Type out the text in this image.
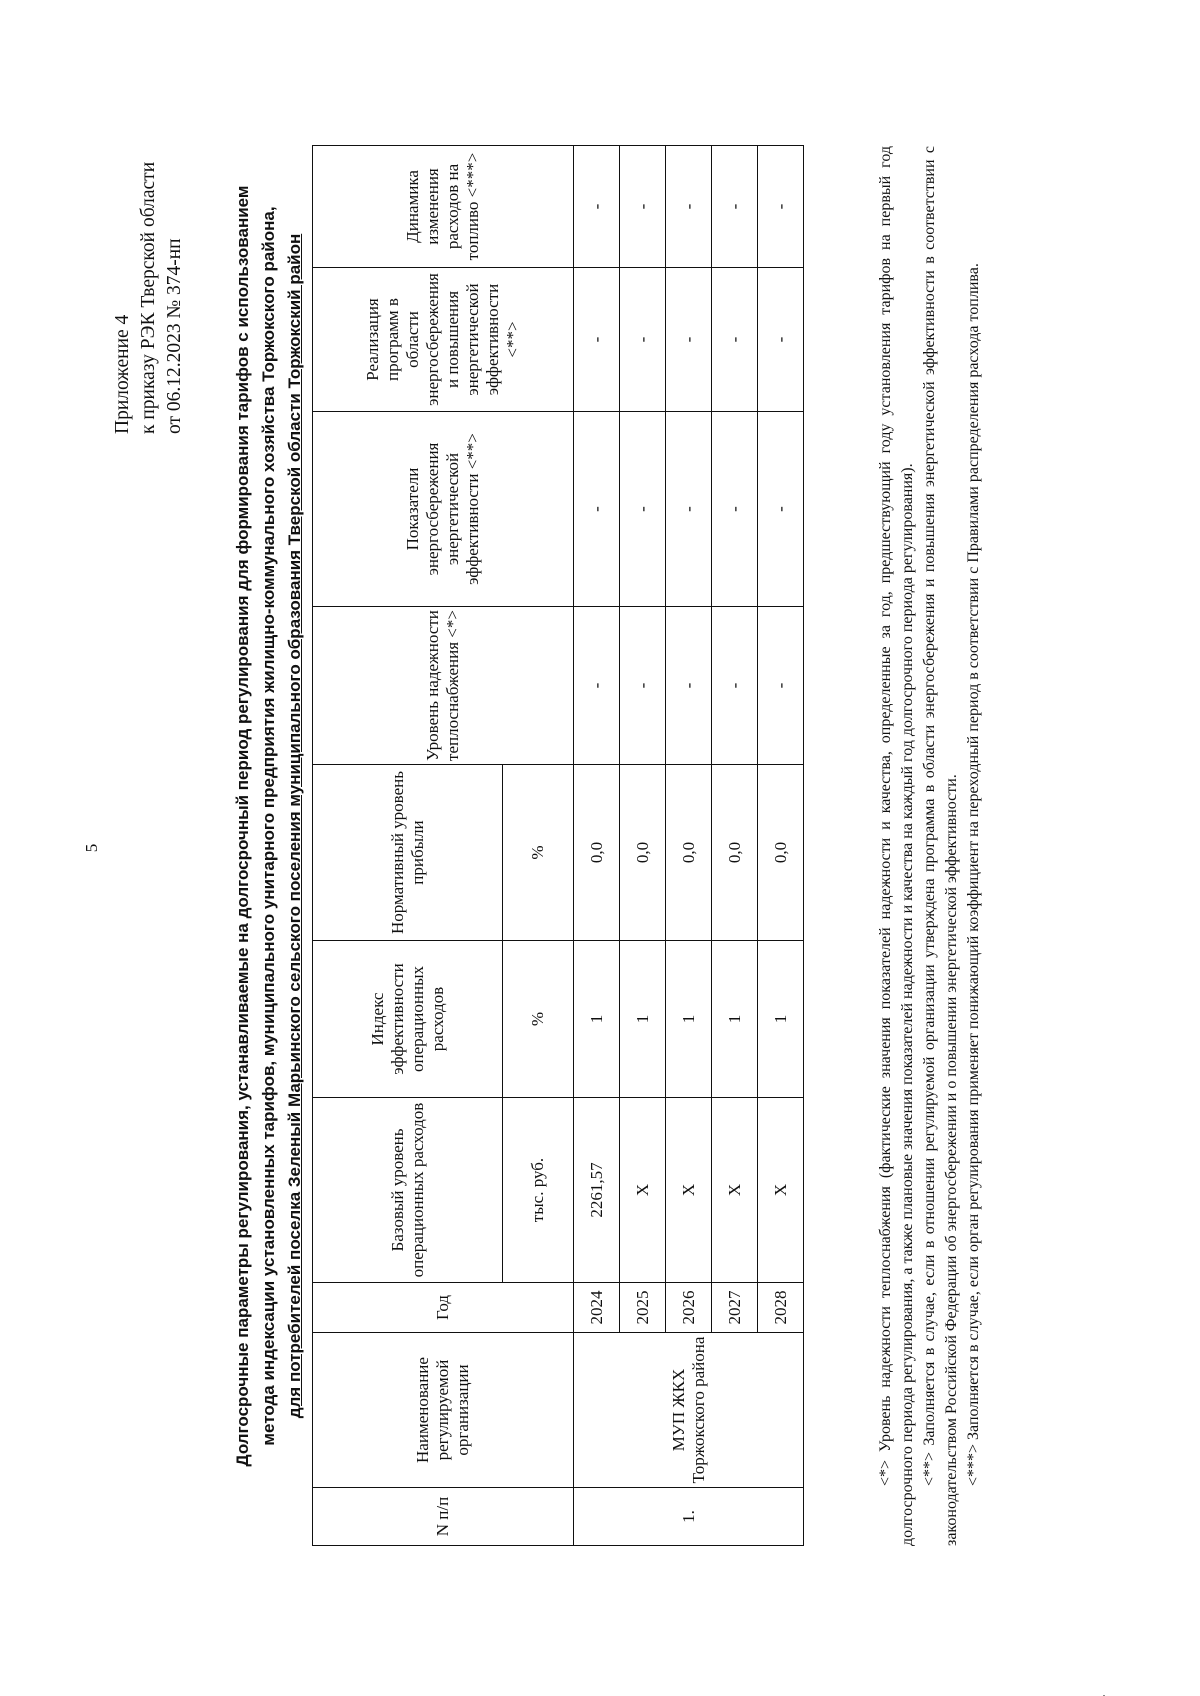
5
Приложение 4 к приказу РЭК Тверской области от 06.12.2023 № 374-нп	Долгосрочные параметры регулирования, устанавливаемые на долгосрочный период регулирования для формирования тарифов с использованием метода индексации установленных тарифов, муниципального унитарного предприятия жилищно-коммунального хозяйства Торжокского района, для потребителей поселка Зеленый Марьинского сельского поселения муниципального образования Тверской области Торжокский район
N п/п	Наименование регулируемой организации	Год	Базовый уровень операционных расходов	Индекс эффективности операционных расходов	Нормативный уровень прибыли	Уровень надежности теплоснабжения <*>	Показатели энергосбережения энергетической эффективности <**>	Реализация программ в области энергосбережения и повышения энергетической эффективности <**>	Динамика изменения расходов на топливо <***>
			тыс. руб.	%	%				
1.	МУП ЖКХ Торжокского района	2024	2261,57	1	0,0	-	-	-	-
		2025	Х	1	0,0	-	-	-	-
		2026	Х	1	0,0	-	-	-	-
		2027	Х	1	0,0	-	-	-	-
		2028	Х	1	0,0	-	-	-	-	<*> Уровень надежности теплоснабжения (фактические значения показателей надежности и качества, определенные за год, предшествующий году установления тарифов на первый год долгосрочного периода регулирования, а также плановые значения показателей надежности и качества на каждый год долгосрочного периода регулирования). <**> Заполняется в случае, если в отношении регулируемой организации утверждена программа в области энергосбережения и повышения энергетической эффективности в соответствии с законодательством Российской Федерации об энергосбережении и о повышении энергетической эффективности. <***> Заполняется в случае, если орган регулирования применяет понижающий коэффициент на переходный период в соответствии с Правилами распределения расхода топлива.
